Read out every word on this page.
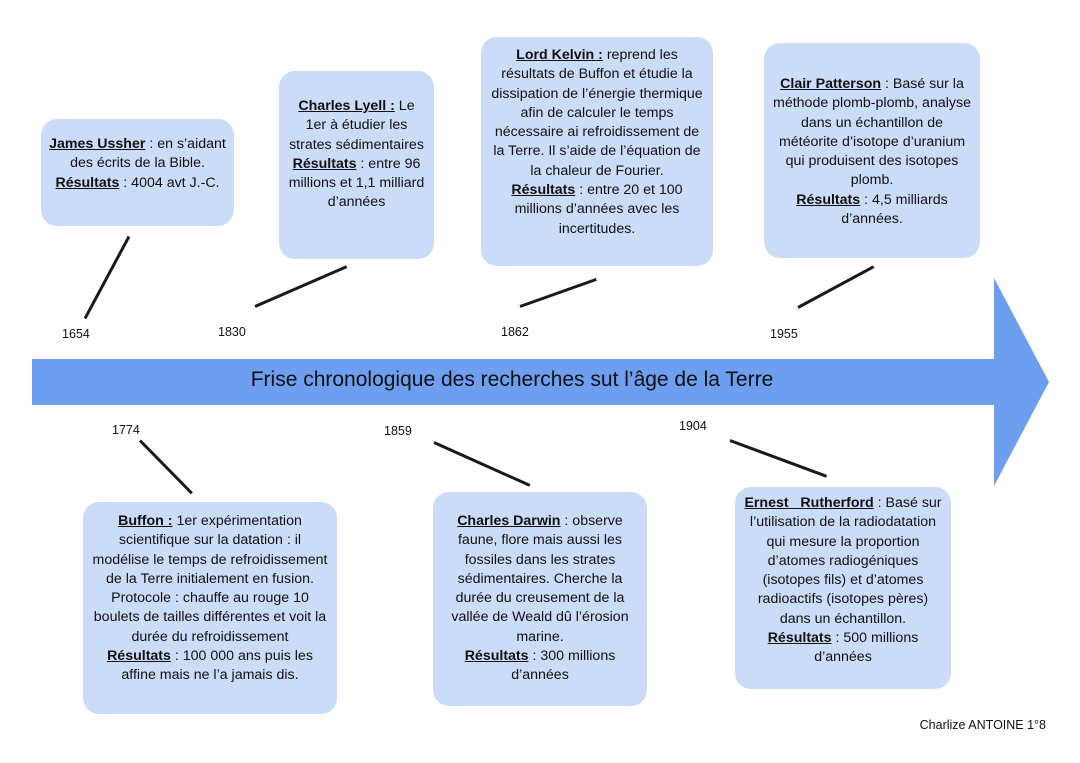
Frise chronologique des recherches sut l’âge de la Terre
1654
1774
1830
1859
1862
1904
1955

James Ussher : en s’aidant des écrits de la Bible.

Résultats : 4004 avt J.-C.

Buffon : 1er expérimentation scientifique sur la datation : il modélise le temps de refroidissement de la Terre initialement en fusion. Protocole : chauffe au rouge 10 boulets de tailles différentes et voit la durée du refroidissement

Résultats : 100 000 ans puis les affine mais ne l’a jamais dis.

Charles Lyell : Le 1er à étudier les strates sédimentaires

Résultats : entre 96 millions et 1,1 milliard d’années

Charles Darwin : observe faune, flore mais aussi les fossiles dans les strates sédimentaires. Cherche la durée du creusement de la vallée de Weald dû l’érosion marine.

Résultats : 300 millions d’années

Lord Kelvin : reprend les résultats de Buffon et étudie la dissipation de l’énergie thermique afin de calculer le temps nécessaire ai refroidissement de la Terre. Il s’aide de l’équation de la chaleur de Fourier.

Résultats : entre 20 et 100 millions d’années avec les incertitudes.

Ernest   Rutherford : Basé sur l’utilisation de la radiodatation qui mesure la proportion d’atomes radiogéniques (isotopes fils) et d’atomes radioactifs (isotopes pères) dans un échantillon.

Résultats : 500 millions d’années

Clair Patterson : Basé sur la méthode plomb-plomb, analyse dans un échantillon de météorite d’isotope d’uranium qui produisent des isotopes plomb.

Résultats : 4,5 milliards d’années.

Charlize ANTOINE 1°8
